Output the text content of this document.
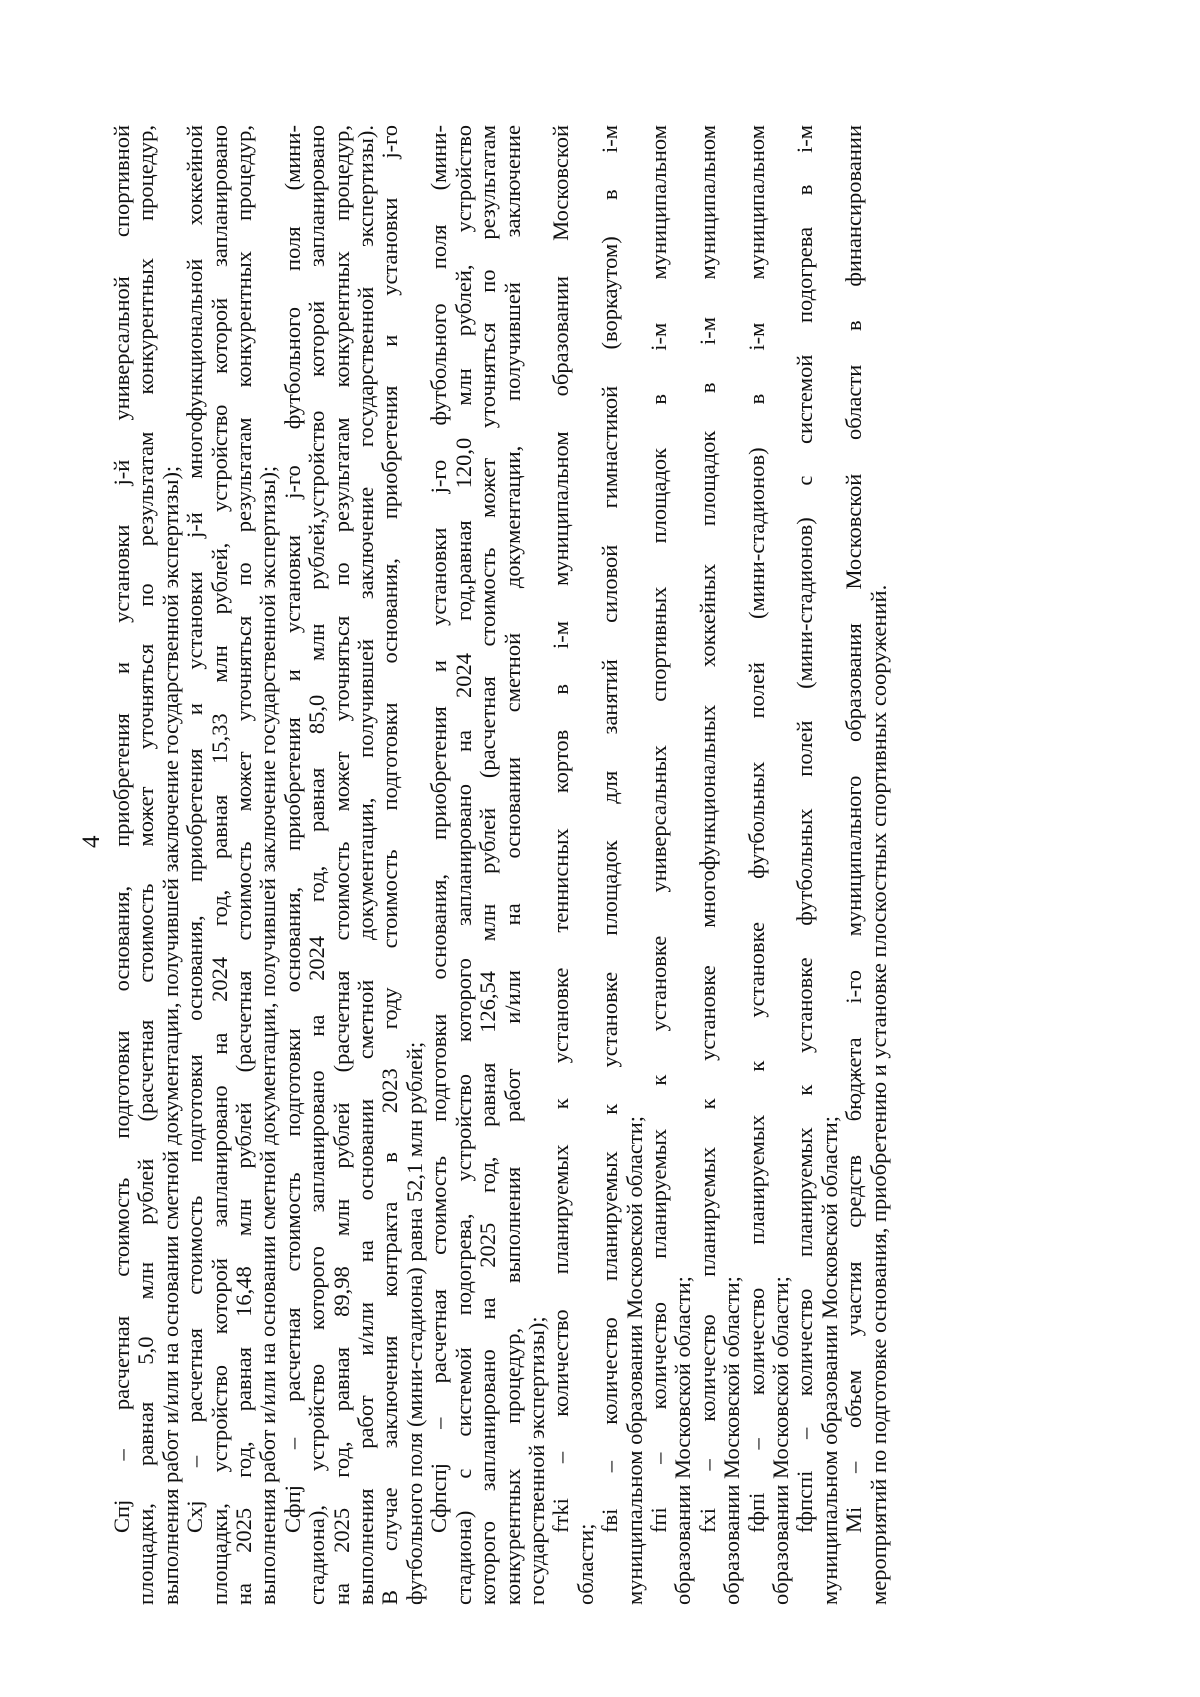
4 Cпj – расчетная стоимость подготовки основания, приобретения и установки j-й универсальной спортивной площадки, равная 5,0 млн рублей (расчетная стоимость может уточняться по результатам конкурентных процедур, выполнения работ и/или на основании сметной документации, получившей заключение государственной экспертизы); Cxj – расчетная стоимость подготовки основания, приобретения и установки j-й многофункциональной хоккейной площадки, устройство которой запланировано на 2024 год, равная 15,33 млн рублей, устройство которой запланировано на 2025 год, равная 16,48 млн рублей (расчетная стоимость может уточняться по результатам конкурентных процедур, выполнения работ и/или на основании сметной документации, получившей заключение государственной экспертизы); Cфпj – расчетная стоимость подготовки основания, приобретения и установки j-го футбольного поля (мини- стадиона), устройство которого запланировано на 2024 год, равная 85,0 млн рублей,устройство которой запланировано на 2025 год, равная 89,98 млн рублей (расчетная стоимость может уточняться по результатам конкурентных процедур, выполнения работ и/или на основании сметной документации, получившей заключение государственной экспертизы). В случае заключения контракта в 2023 году стоимость подготовки основания, приобретения и установки j-го футбольного поля (мини-стадиона) равна 52,1 млн рублей; Cфпспj – расчетная стоимость подготовки основания, приобретения и установки j-го футбольного поля (мини- стадиона) с системой подогрева, устройство которого запланировано на 2024 год,равная 120,0 млн рублей, устройство которого запланировано на 2025 год, равная 126,54 млн рублей (расчетная стоимость может уточняться по результатам конкурентных процедур, выполнения работ и/или на основании сметной документации, получившей заключение государственной экспертизы); fтki – количество планируемых к установке теннисных кортов в i-м муниципальном образовании Московской
области;
fвi – количество планируемых к установке площадок для занятий силовой гимнастикой (воркаутом) в i-м муниципальном образовании Московской области; fпi – количество планируемых к установке универсальных спортивных площадок в i-м муниципальном образовании Московской области; fxi – количество планируемых к установке многофункциональных хоккейных площадок в i-м муниципальном образовании Московской области; fфпi – количество планируемых к установке футбольных полей (мини-стадионов) в i-м муниципальном образовании Московской области; fфпспi – количество планируемых к установке футбольных полей (мини-стадионов) с системой подогрева в i-м муниципальном образовании Московской области; Mi – объем участия средств бюджета i-го муниципального образования Московской области в финансировании мероприятий по подготовке основания, приобретению и установке плоскостных спортивных сооружений.
